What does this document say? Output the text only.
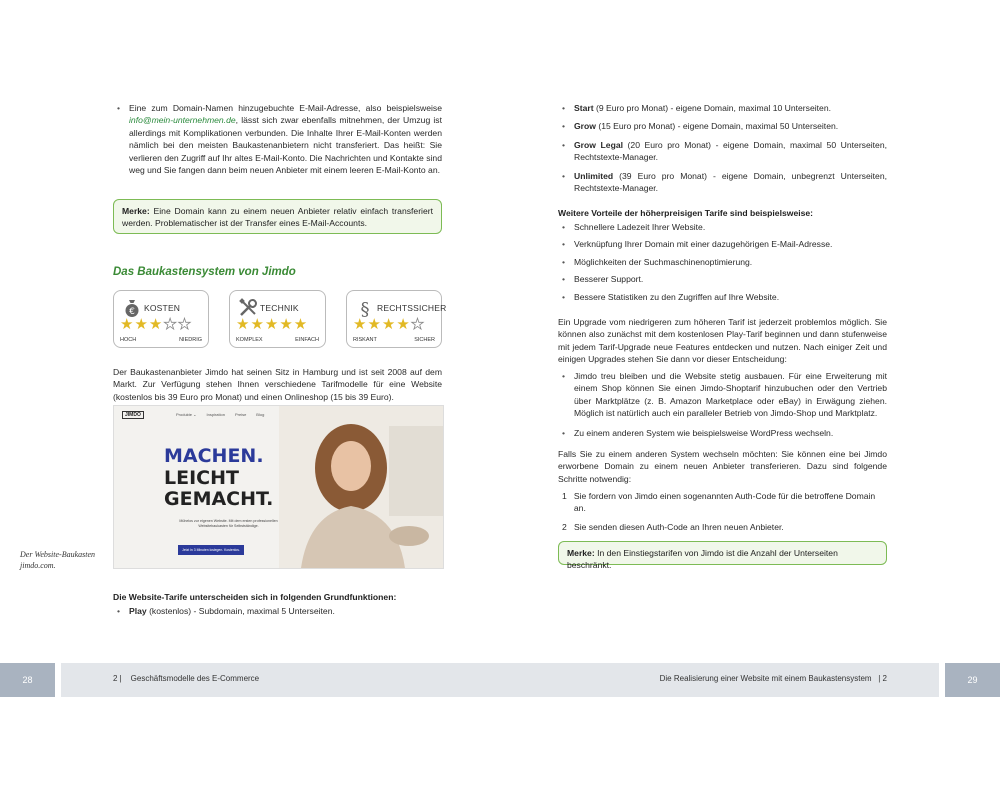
• Eine zum Domain-Namen hinzugebuchte E-Mail-Adresse, also beispielsweise info@mein-unternehmen.de, lässt sich zwar ebenfalls mitnehmen, der Umzug ist allerdings mit Komplikationen verbunden. Die Inhalte Ihrer E-Mail-Konten werden nämlich bei den meisten Baukastenanbietern nicht transferiert. Das heißt: Sie verlieren den Zugriff auf Ihr altes E-Mail-Konto. Die Nachrichten und Kontakte sind weg und Sie fangen dann beim neuen Anbieter mit einem leeren E-Mail-Konto an.
Merke: Eine Domain kann zu einem neuen Anbieter relativ einfach transferiert werden. Problematischer ist der Transfer eines E-Mail-Accounts.
Das Baukastensystem von Jimdo
€ KOSTEN
★★★★★
HOCH	NIEDRIG
TECHNIK
★★★★★
KOMPLEX	EINFACH
§ RECHTSSICHER
★★★★★
RISKANT	SICHER
Der Baukastenanbieter Jimdo hat seinen Sitz in Hamburg und ist seit 2008 auf dem Markt. Zur Verfügung stehen Ihnen verschiedene Tarifmodelle für eine Website (kostenlos bis 39 Euro pro Monat) und einen Onlineshop (15 bis 39 Euro).
JIMDO	Produkte ⌄	Inspiration	Preise	Blog
MACHEN.
LEICHT
GEMACHT.
Mühelos zur eigenen Website. Mit dem ersten professionellen Websitebaukasten für Selbstständige.
Jetzt in 3 Minuten loslegen. Kostenlos.
Der Website-Baukasten
jimdo.com.
Die Website-Tarife unterscheiden sich in folgenden Grundfunktionen:
• Play (kostenlos) - Subdomain, maximal 5 Unterseiten.
• Start (9 Euro pro Monat) - eigene Domain, maximal 10 Unterseiten.
• Grow (15 Euro pro Monat) - eigene Domain, maximal 50 Unterseiten.
• Grow Legal (20 Euro pro Monat) - eigene Domain, maximal 50 Unterseiten, Rechtstexte-Manager.
• Unlimited (39 Euro pro Monat) - eigene Domain, unbegrenzt Unterseiten, Rechtstexte-Manager.
Weitere Vorteile der höherpreisigen Tarife sind beispielsweise:
• Schnellere Ladezeit Ihrer Website.
• Verknüpfung Ihrer Domain mit einer dazugehörigen E-Mail-Adresse.
• Möglichkeiten der Suchmaschinenoptimierung.
• Besserer Support.
• Bessere Statistiken zu den Zugriffen auf Ihre Website.
Ein Upgrade vom niedrigeren zum höheren Tarif ist jederzeit problemlos möglich. Sie können also zunächst mit dem kostenlosen Play-Tarif beginnen und dann stufenweise mit jedem Tarif-Upgrade neue Features entdecken und nutzen. Nach einiger Zeit und einigen Upgrades stehen Sie dann vor dieser Entscheidung:
• Jimdo treu bleiben und die Website stetig ausbauen. Für eine Erweiterung mit einem Shop können Sie einen Jimdo-Shoptarif hinzubuchen oder den Vertrieb über Marktplätze (z. B. Amazon Marketplace oder eBay) in Erwägung ziehen. Möglich ist natürlich auch ein paralleler Betrieb von Jimdo-Shop und Marktplatz.
• Zu einem anderen System wie beispielsweise WordPress wechseln.
Falls Sie zu einem anderen System wechseln möchten: Sie können eine bei Jimdo erworbene Domain zu einem neuen Anbieter transferieren. Dazu sind folgende Schritte notwendig:
1 Sie fordern von Jimdo einen sogenannten Auth-Code für die betroffene Domain an.
2 Sie senden diesen Auth-Code an Ihren neuen Anbieter.
Merke: In den Einstiegstarifen von Jimdo ist die Anzahl der Unterseiten beschränkt.
28	2 |    Geschäftsmodelle des E-Commerce	Die Realisierung einer Website mit einem Baukastensystem   | 2	29
